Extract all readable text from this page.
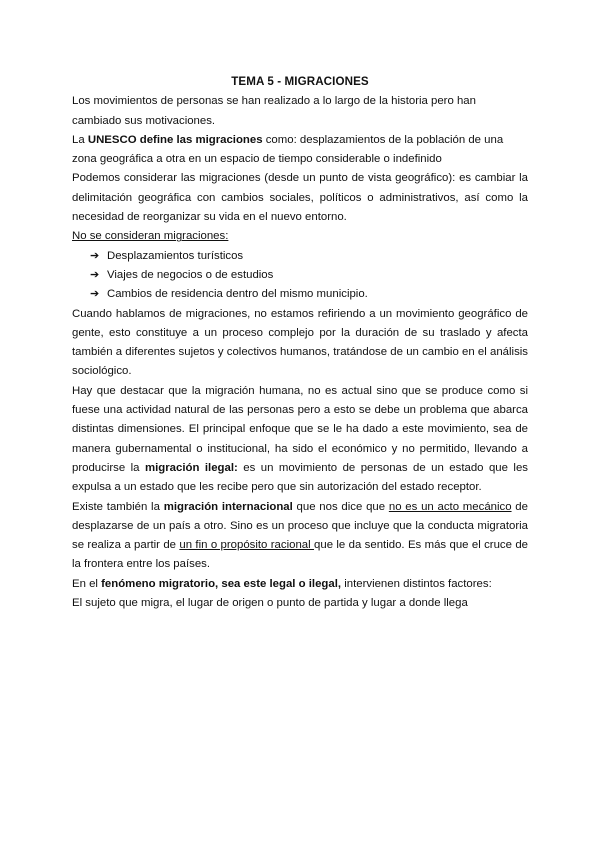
TEMA 5 - MIGRACIONES

Los movimientos de personas se han realizado a lo largo de la historia pero han cambiado sus motivaciones.

La UNESCO define las migraciones como: desplazamientos de la población de una zona geográfica a otra en un espacio de tiempo considerable o indefinido

Podemos considerar las migraciones (desde un punto de vista geográfico): es cambiar la delimitación geográfica con cambios sociales, políticos o administrativos, así como la necesidad de reorganizar su vida en el nuevo entorno.

No se consideran migraciones:

➔ Desplazamientos turísticos
➔ Viajes de negocios o de estudios
➔ Cambios de residencia dentro del mismo municipio.

Cuando hablamos de migraciones, no estamos refiriendo a un movimiento geográfico de gente, esto constituye a un proceso complejo por la duración de su traslado y afecta también a diferentes sujetos y colectivos humanos, tratándose de un cambio en el análisis sociológico.

Hay que destacar que la migración humana, no es actual sino que se produce como si fuese una actividad natural de las personas pero a esto se debe un problema que abarca distintas dimensiones. El principal enfoque que se le ha dado a este movimiento, sea de manera gubernamental o institucional, ha sido el económico y no permitido, llevando a producirse la migración ilegal: es un movimiento de personas de un estado que les expulsa a un estado que les recibe pero que sin autorización del estado receptor.

Existe también la migración internacional que nos dice que no es un acto mecánico de desplazarse de un país a otro. Sino es un proceso que incluye que la conducta migratoria se realiza a partir de un fin o propósito racional que le da sentido. Es más que el cruce de la frontera entre los países.

En el fenómeno migratorio, sea este legal o ilegal, intervienen distintos factores:

El sujeto que migra, el lugar de origen o punto de partida y lugar a donde llega
